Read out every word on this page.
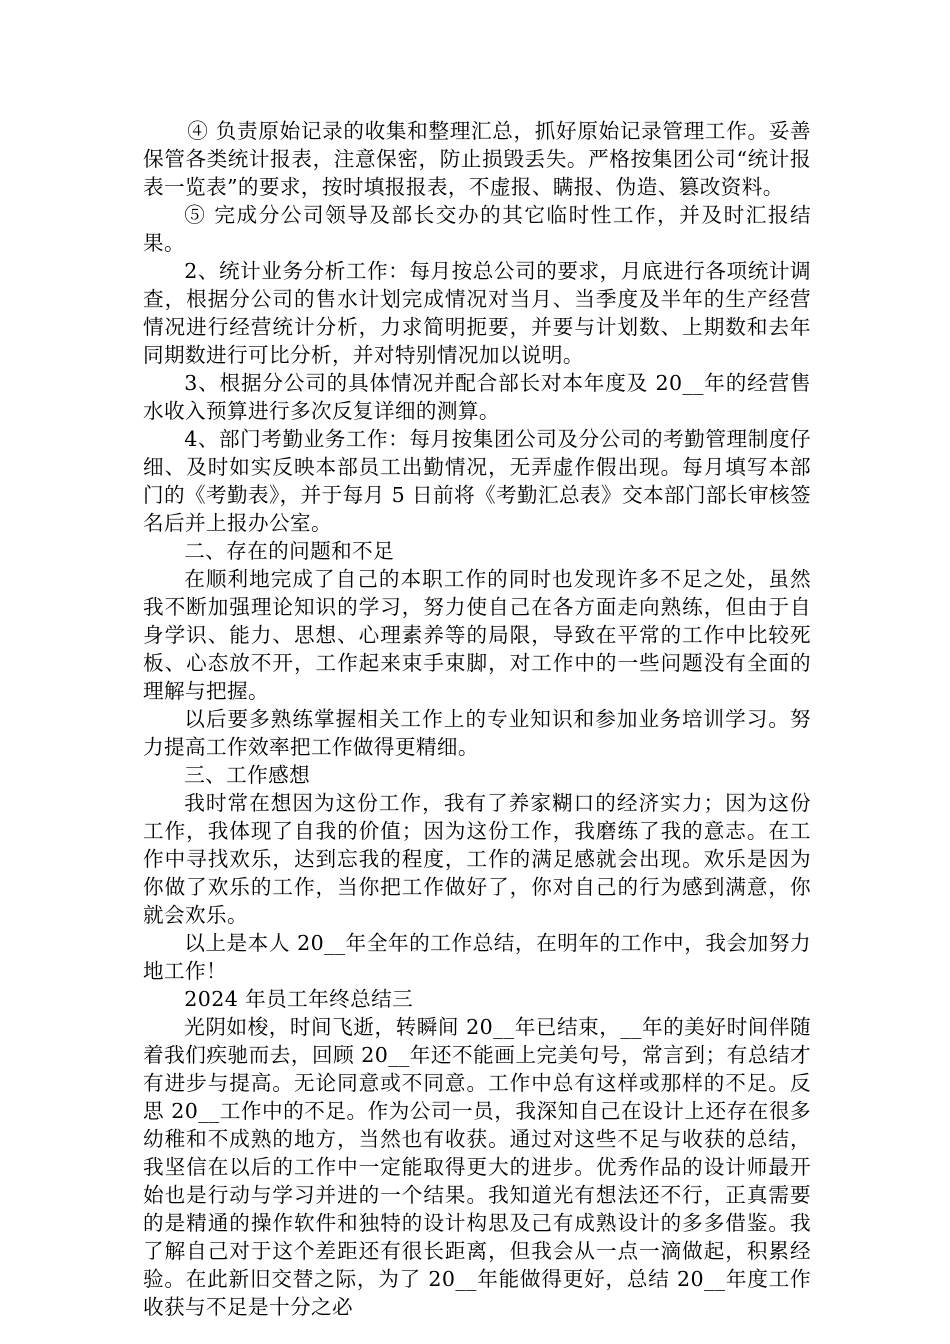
④ 负责原始记录的收集和整理汇总，抓好原始记录管理工作。妥善保管各类统计报表，注意保密，防止损毁丢失。严格按集团公司“统计报表一览表”的要求，按时填报报表，不虚报、瞒报、伪造、篡改资料。

⑤ 完成分公司领导及部长交办的其它临时性工作，并及时汇报结果。

2、统计业务分析工作：每月按总公司的要求，月底进行各项统计调查，根据分公司的售水计划完成情况对当月、当季度及半年的生产经营情况进行经营统计分析，力求简明扼要，并要与计划数、上期数和去年同期数进行可比分析，并对特别情况加以说明。

3、根据分公司的具体情况并配合部长对本年度及 20__年的经营售水收入预算进行多次反复详细的测算。

4、部门考勤业务工作：每月按集团公司及分公司的考勤管理制度仔细、及时如实反映本部员工出勤情况，无弄虚作假出现。每月填写本部门的《考勤表》，并于每月 5 日前将《考勤汇总表》交本部门部长审核签名后并上报办公室。

二、存在的问题和不足

在顺利地完成了自己的本职工作的同时也发现许多不足之处，虽然我不断加强理论知识的学习，努力使自己在各方面走向熟练，但由于自身学识、能力、思想、心理素养等的局限，导致在平常的工作中比较死板、心态放不开，工作起来束手束脚，对工作中的一些问题没有全面的理解与把握。

以后要多熟练掌握相关工作上的专业知识和参加业务培训学习。努力提高工作效率把工作做得更精细。

三、工作感想

我时常在想因为这份工作，我有了养家糊口的经济实力；因为这份工作，我体现了自我的价值；因为这份工作，我磨练了我的意志。在工作中寻找欢乐，达到忘我的程度，工作的满足感就会出现。欢乐是因为你做了欢乐的工作，当你把工作做好了，你对自己的行为感到满意，你就会欢乐。

以上是本人 20__年全年的工作总结，在明年的工作中，我会加努力地工作！

2024 年员工年终总结三

光阴如梭，时间飞逝，转瞬间 20__年已结束，__年的美好时间伴随着我们疾驰而去，回顾 20__年还不能画上完美句号，常言到；有总结才有进步与提高。无论同意或不同意。工作中总有这样或那样的不足。反思 20__工作中的不足。作为公司一员，我深知自己在设计上还存在很多幼稚和不成熟的地方，当然也有收获。通过对这些不足与收获的总结，我坚信在以后的工作中一定能取得更大的进步。优秀作品的设计师最开始也是行动与学习并进的一个结果。我知道光有想法还不行，正真需要的是精通的操作软件和独特的设计构思及己有成熟设计的多多借鉴。我了解自己对于这个差距还有很长距离，但我会从一点一滴做起，积累经验。在此新旧交替之际，为了 20__年能做得更好，总结 20__年度工作收获与不足是十分之必
